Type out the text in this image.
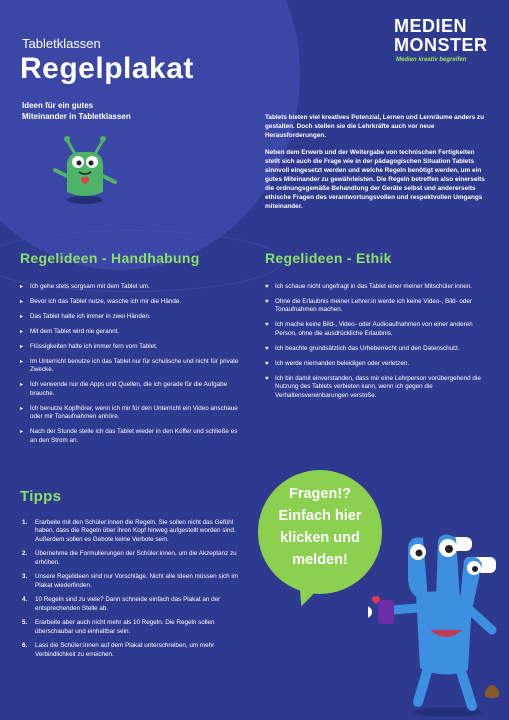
Tabletklassen
Regelplakat
Ideen für ein gutes
Miteinander in Tabletklassen
MEDIEN
MONSTER
Medien kreativ begreifen

Tablets bieten viel kreatives Potenzial, Lernen und Lernräume anders zu gestalten. Doch stellen sie die Lehrkräfte auch vor neue Herausforderungen.

Neben dem Erwerb und der Weitergabe von technischen Fertigkeiten stellt sich auch die Frage wie in der pädagogischen Situation Tablets sinnvoll eingesetzt werden und welche Regeln benötigt werden, um ein gutes Miteinander zu gewährleisten. Die Regeln betreffen also einerseits die ordnungsgemäße Behandlung der Geräte selbst und andererseits ethische Fragen des verantwortungsvollen und respektvollen Umgangs miteinander.

Regelideen - Handhabung
▸ Ich gehe stets sorgsam mit dem Tablet um.
▸ Bevor ich das Tablet nutze, wasche ich mir die Hände.
▸ Das Tablet halte ich immer in zwei Händen.
▸ Mit dem Tablet wird nie gerannt.
▸ Flüssigkeiten halte ich immer fern vom Tablet.
▸ Im Unterricht benutze ich das Tablet nur für schulische und nicht für private Zwecke.
▸ Ich verwende nur die Apps und Quellen, die ich gerade für die Aufgabe brauche.
▸ Ich benutze Kopfhörer, wenn ich mir für den Unterricht ein Video anschaue oder mir Tonaufnahmen anhöre.
▸ Nach der Stunde stelle ich das Tablet wieder in den Koffer und schließe es an den Strom an.
Regelideen - Ethik
♥ Ich schaue nicht ungefragt in das Tablet einer meiner Mitschüler:innen.
♥ Ohne die Erlaubnis meiner Lehrer:in werde ich keine Video-, Bild- oder Tonaufnahmen machen.
♥ Ich mache keine Bild-, Video- oder Audioaufnahmen von einer anderen Person, ohne die ausdrückliche Erlaubnis.
♥ Ich beachte grundsätzlich das Urheberrecht und den Datenschutz.
♥ Ich werde niemanden beleidigen oder verletzen.
♥ Ich bin damit einverstanden, dass mir eine Lehrperson vorübergehend die Nutzung des Tablets verbieten kann, wenn ich gegen die Verhaltensvereinbarungen verstoße.
Tipps
1. Erarbeite mit den Schüler:innen die Regeln. Sie sollen nicht das Gefühl haben, dass die Regeln über ihren Kopf hinweg aufgestellt worden sind. Außerdem sollen es Gebote keine Verbote sein.
2. Übernehme die Formulierungen der Schüler:innen, um die Akzeptanz zu erhöhen.
3. Unsere Regelideen sind nur Vorschläge. Nicht alle Ideen müssen sich im Plakat wiederfinden.
4. 10 Regeln sind zu viele? Dann schneide einfach das Plakat an der entsprechenden Stelle ab.
5. Erarbeite aber auch nicht mehr als 10 Regeln. Die Regeln sollen überschaubar und einhaltbar sein.
6. Lass die Schüler:innen auf dem Plakat unterschreiben, um mehr Verbindlichkeit zu erreichen.
Fragen!?
Einfach hier
klicken und
melden!
